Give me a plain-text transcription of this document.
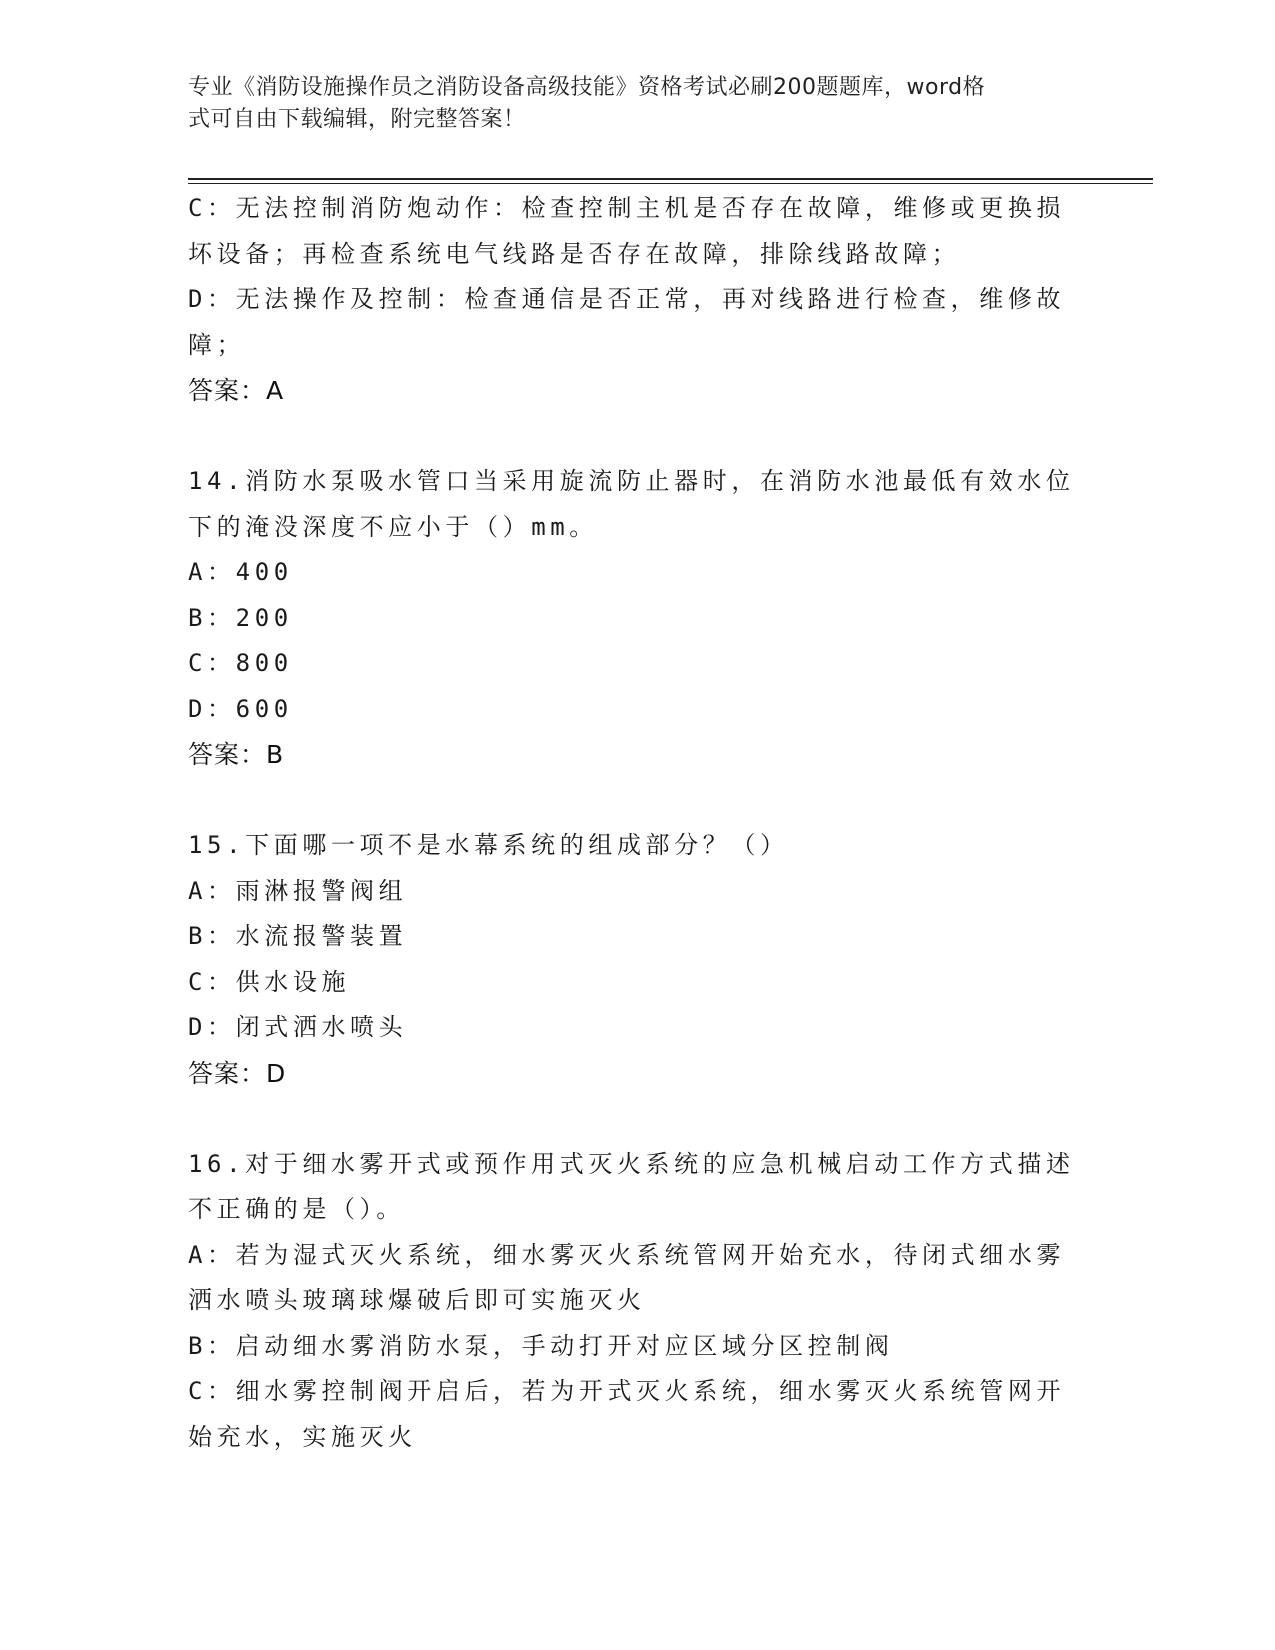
专业《消防设施操作员之消防设备高级技能》资格考试必刷200题题库，word格
式可自由下载编辑，附完整答案！
C：无法控制消防炮动作：检查控制主机是否存在故障，维修或更换损
坏设备；再检查系统电气线路是否存在故障，排除线路故障；
D：无法操作及控制：检查通信是否正常，再对线路进行检查，维修故
障；
答案：A
14.消防水泵吸水管口当采用旋流防止器时，在消防水池最低有效水位
下的淹没深度不应小于（）mm。
A：400
B：200
C：800
D：600
答案：B
15.下面哪一项不是水幕系统的组成部分？（）
A：雨淋报警阀组
B：水流报警装置
C：供水设施
D：闭式洒水喷头
答案：D
16.对于细水雾开式或预作用式灭火系统的应急机械启动工作方式描述
不正确的是（）。
A：若为湿式灭火系统，细水雾灭火系统管网开始充水，待闭式细水雾
洒水喷头玻璃球爆破后即可实施灭火
B：启动细水雾消防水泵，手动打开对应区域分区控制阀
C：细水雾控制阀开启后，若为开式灭火系统，细水雾灭火系统管网开
始充水，实施灭火
